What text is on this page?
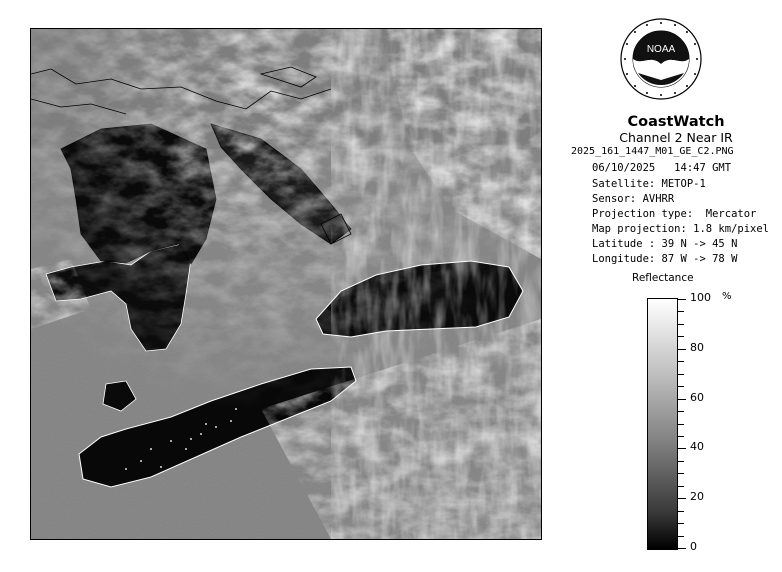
NOAA
CoastWatch
Channel 2 Near IR
2025_161_1447_M01_GE_C2.PNG
06/10/2025   14:47 GMT
Satellite: METOP-1
Sensor: AVHRR
Projection type:  Mercator
Map projection: 1.8 km/pixel
Latitude : 39 N -> 45 N
Longitude: 87 W -> 78 W
Reflectance
%
100
80
60
40
20
0
